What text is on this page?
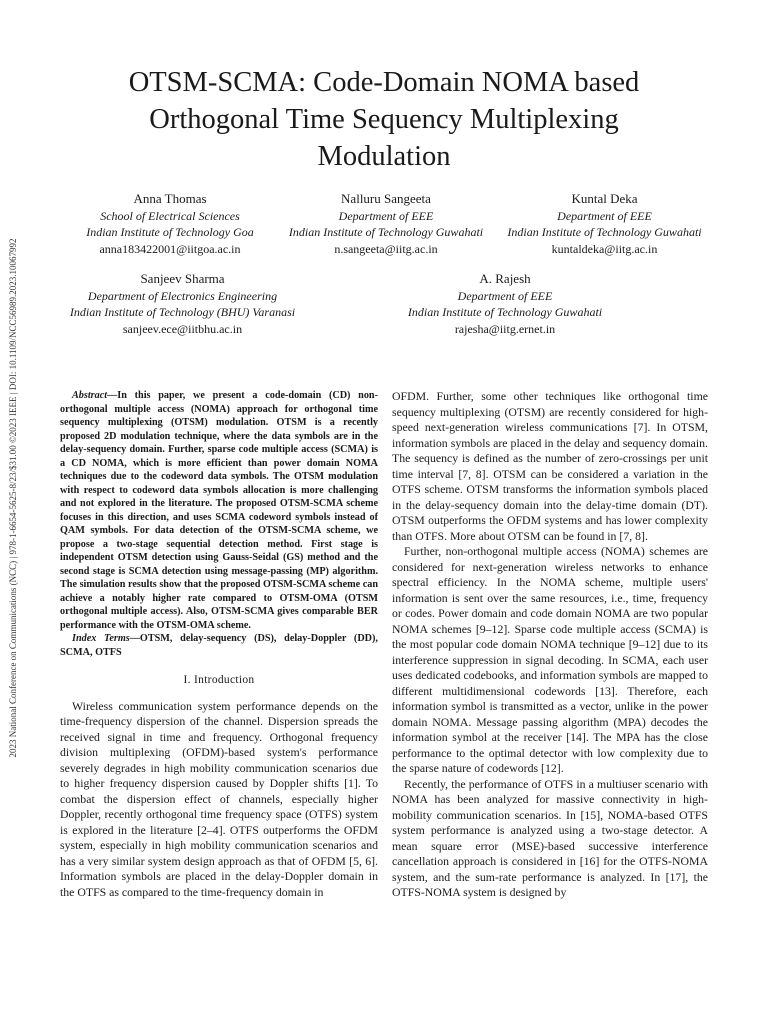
2023 National Conference on Communications (NCC) | 978-1-6654-5625-8/23/$31.00 ©2023 IEEE | DOI: 10.1109/NCC56989.2023.10067992
OTSM-SCMA: Code-Domain NOMA based Orthogonal Time Sequency Multiplexing Modulation
Anna Thomas
School of Electrical Sciences
Indian Institute of Technology Goa
anna183422001@iitgoa.ac.in
Nalluru Sangeeta
Department of EEE
Indian Institute of Technology Guwahati
n.sangeeta@iitg.ac.in
Kuntal Deka
Department of EEE
Indian Institute of Technology Guwahati
kuntaldeka@iitg.ac.in
Sanjeev Sharma
Department of Electronics Engineering
Indian Institute of Technology (BHU) Varanasi
sanjeev.ece@iitbhu.ac.in
A. Rajesh
Department of EEE
Indian Institute of Technology Guwahati
rajesha@iitg.ernet.in

Abstract—In this paper, we present a code-domain (CD) non-orthogonal multiple access (NOMA) approach for orthogonal time sequency multiplexing (OTSM) modulation. OTSM is a recently proposed 2D modulation technique, where the data symbols are in the delay-sequency domain. Further, sparse code multiple access (SCMA) is a CD NOMA, which is more efficient than power domain NOMA techniques due to the codeword data symbols. The OTSM modulation with respect to codeword data symbols allocation is more challenging and not explored in the literature. The proposed OTSM-SCMA scheme focuses in this direction, and uses SCMA codeword symbols instead of QAM symbols. For data detection of the OTSM-SCMA scheme, we propose a two-stage sequential detection method. First stage is independent OTSM detection using Gauss-Seidal (GS) method and the second stage is SCMA detection using message-passing (MP) algorithm. The simulation results show that the proposed OTSM-SCMA scheme can achieve a notably higher rate compared to OTSM-OMA (OTSM orthogonal multiple access). Also, OTSM-SCMA gives comparable BER performance with the OTSM-OMA scheme.

Index Terms—OTSM, delay-sequency (DS), delay-Doppler (DD), SCMA, OTFS

I. Introduction

Wireless communication system performance depends on the time-frequency dispersion of the channel. Dispersion spreads the received signal in time and frequency. Orthogonal frequency division multiplexing (OFDM)-based system's performance severely degrades in high mobility communication scenarios due to higher frequency dispersion caused by Doppler shifts [1]. To combat the dispersion effect of channels, especially higher Doppler, recently orthogonal time frequency space (OTFS) system is explored in the literature [2–4]. OTFS outperforms the OFDM system, especially in high mobility communication scenarios and has a very similar system design approach as that of OFDM [5, 6]. Information symbols are placed in the delay-Doppler domain in the OTFS as compared to the time-frequency domain in

OFDM. Further, some other techniques like orthogonal time sequency multiplexing (OTSM) are recently considered for high-speed next-generation wireless communications [7]. In OTSM, information symbols are placed in the delay and sequency domain. The sequency is defined as the number of zero-crossings per unit time interval [7, 8]. OTSM can be considered a variation in the OTFS scheme. OTSM transforms the information symbols placed in the delay-sequency domain into the delay-time domain (DT). OTSM outperforms the OFDM systems and has lower complexity than OTFS. More about OTSM can be found in [7, 8].

Further, non-orthogonal multiple access (NOMA) schemes are considered for next-generation wireless networks to enhance spectral efficiency. In the NOMA scheme, multiple users' information is sent over the same resources, i.e., time, frequency or codes. Power domain and code domain NOMA are two popular NOMA schemes [9–12]. Sparse code multiple access (SCMA) is the most popular code domain NOMA technique [9–12] due to its interference suppression in signal decoding. In SCMA, each user uses dedicated codebooks, and information symbols are mapped to different multidimensional codewords [13]. Therefore, each information symbol is transmitted as a vector, unlike in the power domain NOMA. Message passing algorithm (MPA) decodes the information symbol at the receiver [14]. The MPA has the close performance to the optimal detector with low complexity due to the sparse nature of codewords [12].

Recently, the performance of OTFS in a multiuser scenario with NOMA has been analyzed for massive connectivity in high-mobility communication scenarios. In [15], NOMA-based OTFS system performance is analyzed using a two-stage detector. A mean square error (MSE)-based successive interference cancellation approach is considered in [16] for the OTFS-NOMA system, and the sum-rate performance is analyzed. In [17], the OTFS-NOMA system is designed by
